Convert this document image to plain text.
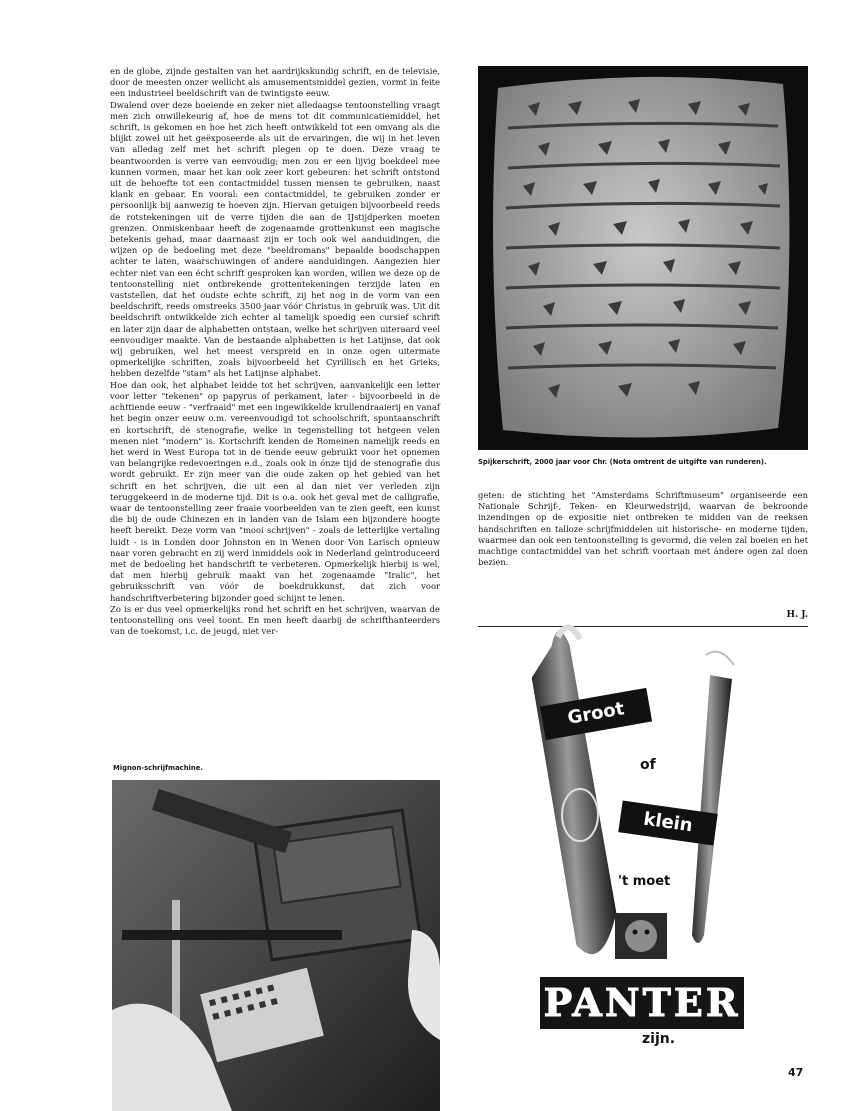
en de globe, zijnde gestalten van het aardrijkskundig schrift, en de televisie, door de meesten onzer wellicht als amusementsmiddel gezien, vormt in feite een industrieel beeldschrift van de twintigste eeuw.

Dwalend over deze boeiende en zeker niet alledaagse tentoonstelling vraagt men zich onwillekeurig af, hoe de mens tot dit communicatiemiddel, het schrift, is gekomen en hoe het zich heeft ontwikkeld tot een omvang als die blijkt zowel uit het geëxposeerde als uit de ervaringen, die wij in het leven van alledag zelf met het schrift plegen op te doen. Deze vraag te beantwoorden is verre van eenvoudig; men zou er een lijvig boekdeel mee kunnen vormen, maar het kan ook zeer kort gebeuren: het schrift ontstond uit de behoefte tot een contactmiddel tussen mensen te gebruiken, naast klank en gebaar. En vooral: een contactmiddel, te gebruiken zonder er persoonlijk bij aanwezig te hoeven zijn. Hiervan getuigen bijvoorbeeld reeds de rotstekeningen uit de verre tijden die aan de IJstijdperken moeten grenzen. Onmiskenbaar heeft de zogenaamde grottenkunst een magische betekenis gehad, maar daarnaast zijn er toch ook wel aanduidingen, die wijzen op de bedoeling met deze "beeldromans" bepaalde boodschappen achter te laten, waarschuwingen of andere aanduidingen. Aangezien hier echter niet van een écht schrift gesproken kan worden, willen we deze op de tentoonstelling niet ontbrekende grottentekeningen terzijde laten en vaststellen, dat het oudste echte schrift, zij het nog in de vorm van een beeldschrift, reeds omstreeks 3500 jaar vóór Christus in gebruik was. Uit dit beeldschrift ontwikkelde zich echter al tamelijk spoedig een cursief schrift en later zijn daar de alphabetten ontstaan, welke het schrijven uiteraard veel eenvoudiger maakte. Van de bestaande alphabetten is het Latijnse, dat ook wij gebruiken, wel het meest verspreid en in onze ogen uitermate opmerkelijke schriften, zoals bijvoorbeeld het Cyrillisch en het Grieks, hebben dezelfde "stam" als het Latijnse alphabet.

Hoe dan ook, het alphabet leidde tot het schrijven, aanvankelijk een letter voor letter "tekenen" op papyrus of perkament, later - bijvoorbeeld in de achttiende eeuw - "verfraaid" met een ingewikkelde krullendraaierij en vanaf het begin onzer eeuw o.m. vereenvoudigd tot schoolschrift, spontaanschrift en kortschrift, de stenografie, welke in tegenstelling tot hetgeen velen menen niet "modern" is. Kortschrift kenden de Romeinen namelijk reeds en het werd in West Europa tot in de tiende eeuw gebruikt voor het opnemen van belangrijke redevoeringen e.d., zoals ook in ónze tijd de stenografie dus wordt gebruikt. Er zijn meer van die oude zaken op het gebied van het schrift en het schrijven, die uit een al dan niet ver verleden zijn teruggekeerd in de moderne tijd. Dit is o.a. ook het geval met de calligrafie, waar de tentoonstelling zeer fraaie voorbeelden van te zien geeft, een kunst die bij de oude Chinezen en in landen van de Islam een bijzondere hoogte heeft bereikt. Deze vorm van "mooi schrijven" - zoals de letterlijke vertaling luidt - is in Londen door Johnston en in Wenen door Von Larisch opnieuw naar voren gebracht en zij werd inmiddels ook in Nederland geïntroduceerd met de bedoeling het handschrift te verbeteren. Opmerkelijk hierbij is wel, dat men hierbij gebruik maakt van het zogenaamde "Iralic", het gebruiksschrift van vóór de boekdrukkunst, dat zich voor handschriftverbetering bijzonder goed schijnt te lenen.

Zo is er dus veel opmerkelijks rond het schrift en het schrijven, waarvan de tentoonstelling ons veel toont. En men heeft daarbij de schrifthanteerders van de toekomst, i.c. de jeugd, niet ver-

Mignon-schrijfmachine.
Spijkerschrift, 2000 jaar voor Chr. (Nota omtrent de uitgifte van runderen).

geten: de stichting het "Amsterdams Schriftmuseum" organiseerde een Nationale Schrijf-, Teken- en Kleurwedstrijd, waarvan de bekroonde inzendingen op de expositie niet ontbreken te midden van de reeksen handschriften en talloze schrijfmiddelen uit historische- en moderne tijden, waarmee dan ook een tentoonstelling is gevormd, die velen zal boeien en het machtige contactmiddel van het schrift voortaan met ándere ogen zal doen bezien.

H. J.
Groot
of
klein
't moet
PANTER
zijn.
47
